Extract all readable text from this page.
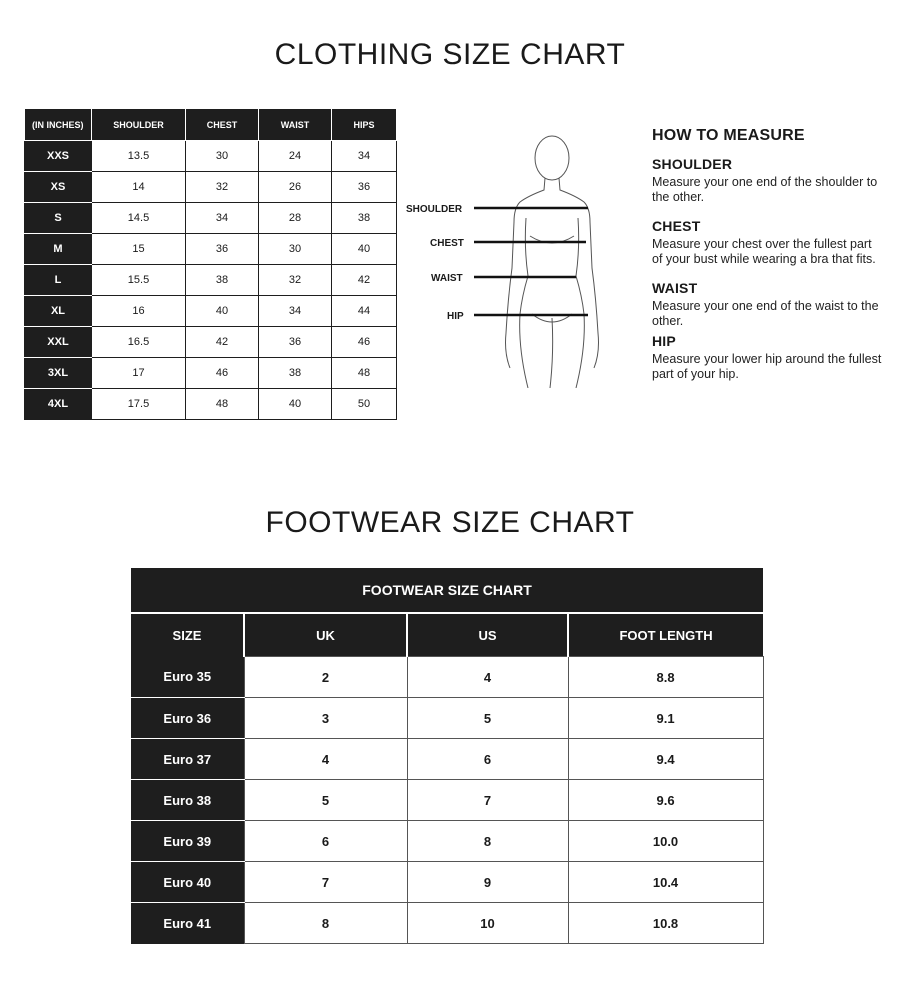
CLOTHING SIZE CHART
(IN INCHES)	SHOULDER	CHEST	WAIST	HIPS
XXS	13.5	30	24	34
XS	14	32	26	36
S	14.5	34	28	38
M	15	36	30	40
L	15.5	38	32	42
XL	16	40	34	44
XXL	16.5	42	36	46
3XL	17	46	38	48
4XL	17.5	48	40	50
SHOULDER
CHEST
WAIST
HIP
HOW TO MEASURE
SHOULDER

Measure your one end of the shoulder to the other.

CHEST

Measure your chest over the fullest part of your bust while wearing a bra that fits.

WAIST

Measure your one end of the waist to the other.

HIP

Measure your lower hip around the fullest part of your hip.

FOOTWEAR SIZE CHART
FOOTWEAR SIZE CHART			
SIZE	UK	US	FOOT LENGTH
Euro 35	2	4	8.8
Euro 36	3	5	9.1
Euro 37	4	6	9.4
Euro 38	5	7	9.6
Euro 39	6	8	10.0
Euro 40	7	9	10.4
Euro 41	8	10	10.8
